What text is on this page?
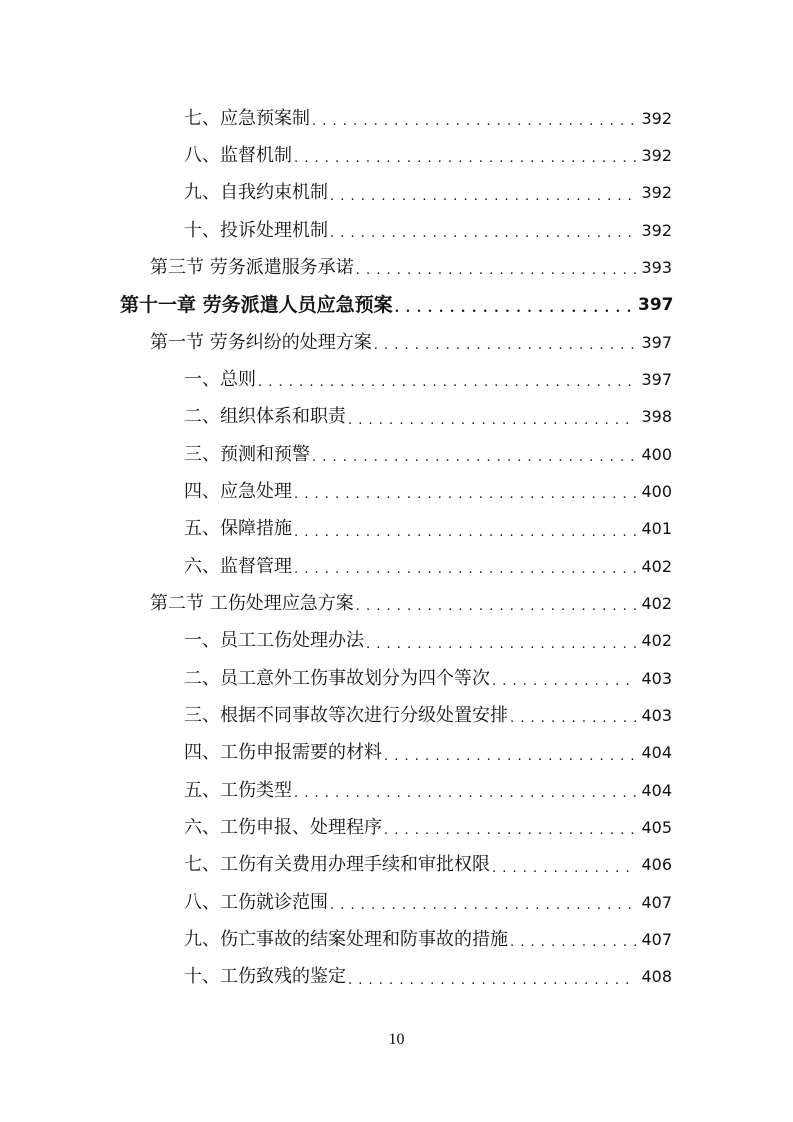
七、应急预案制 . . .	392
八、监督机制 . . .	392
九、自我约束机制 . . .	392
十、投诉处理机制 . . .	392
第三节 劳务派遣服务承诺 . . .	393
第十一章 劳务派遣人员应急预案 . . .	397
第一节 劳务纠纷的处理方案 . . .	397
一、总则 . . .	397
二、组织体系和职责 . . .	398
三、预测和预警 . . .	400
四、应急处理 . . .	400
五、保障措施 . . .	401
六、监督管理 . . .	402
第二节 工伤处理应急方案 . . .	402
一、员工工伤处理办法 . . .	402
二、员工意外工伤事故划分为四个等次 . . .	403
三、根据不同事故等次进行分级处置安排 . . .	403
四、工伤申报需要的材料 . . .	404
五、工伤类型 . . .	404
六、工伤申报、处理程序 . . .	405
七、工伤有关费用办理手续和审批权限 . . .	406
八、工伤就诊范围 . . .	407
九、伤亡事故的结案处理和防事故的措施 . . .	407
十、工伤致残的鉴定 . . .	408
10
